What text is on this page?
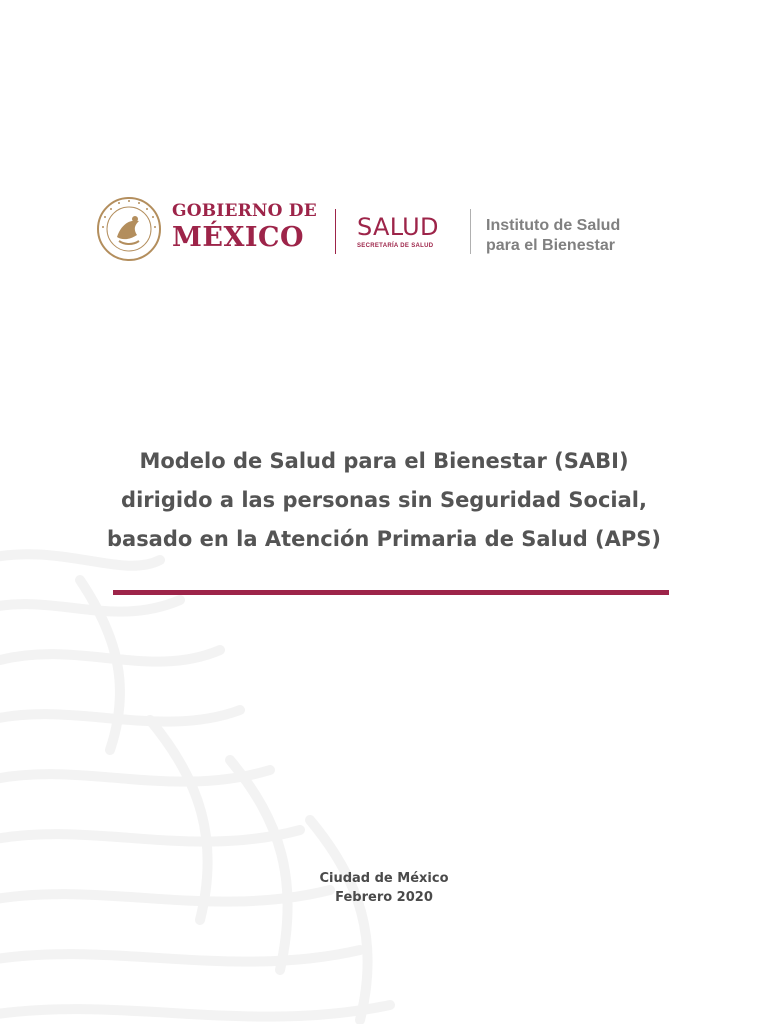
GOBIERNO DE
MÉXICO	SALUD
SECRETARÍA DE SALUD
Instituto de Salud
para el Bienestar
Modelo de Salud para el Bienestar (SABI)
dirigido a las personas sin Seguridad Social,
basado en la Atención Primaria de Salud (APS)
Ciudad de México
Febrero 2020
